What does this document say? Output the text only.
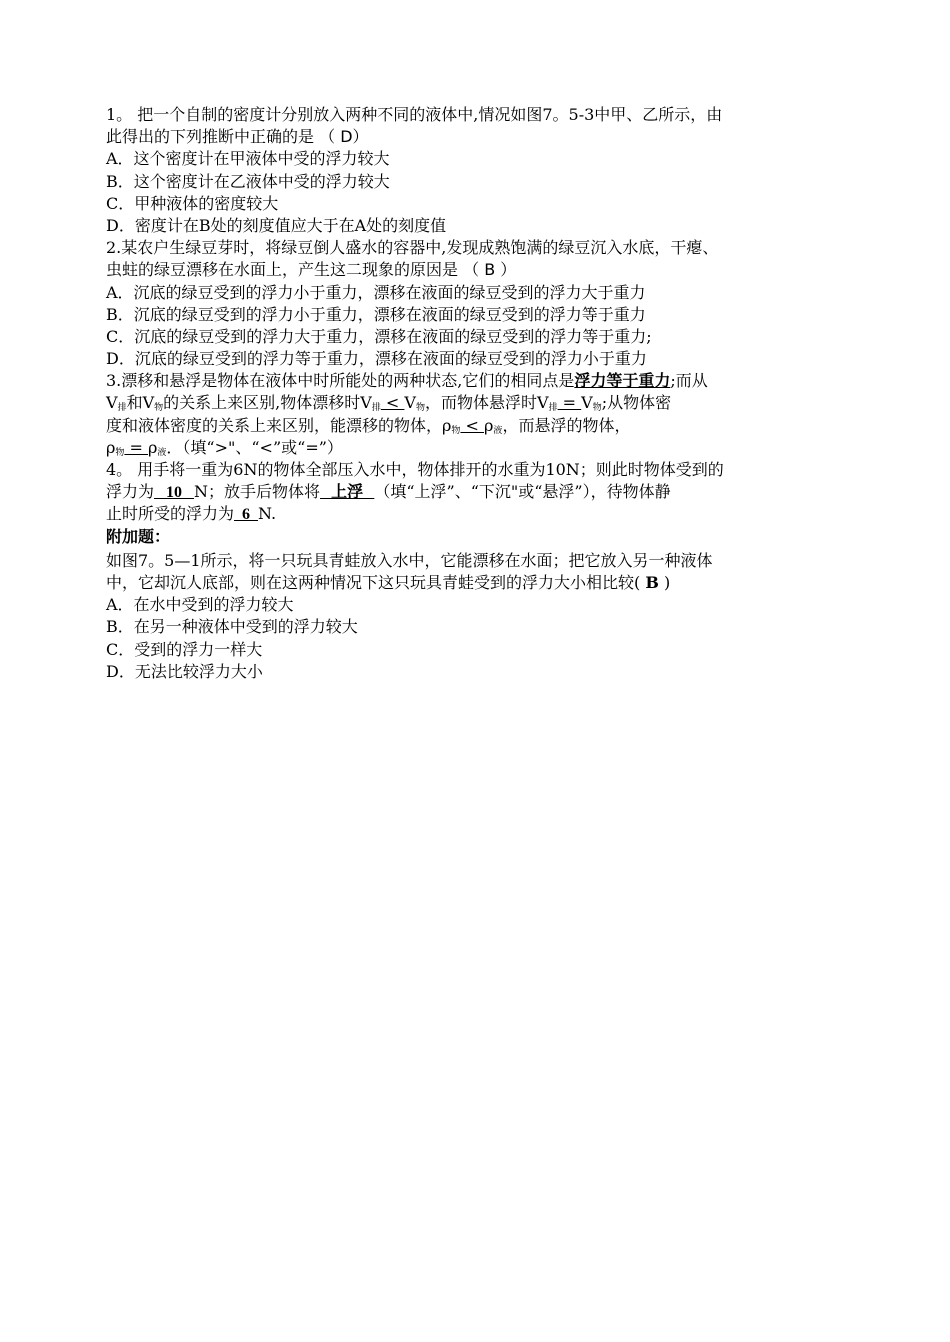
1。 把一个自制的密度计分别放入两种不同的液体中,情况如图7。5-3中甲、乙所示，由
此得出的下列推断中正确的是 （ D）
A．这个密度计在甲液体中受的浮力较大
B．这个密度计在乙液体中受的浮力较大
C．甲种液体的密度较大
D．密度计在B处的刻度值应大于在A处的刻度值
2.某农户生绿豆芽时，将绿豆倒人盛水的容器中,发现成熟饱满的绿豆沉入水底，干瘪、
虫蛀的绿豆漂移在水面上，产生这二现象的原因是 （ B ）
A．沉底的绿豆受到的浮力小于重力，漂移在液面的绿豆受到的浮力大于重力
B．沉底的绿豆受到的浮力小于重力，漂移在液面的绿豆受到的浮力等于重力
C．沉底的绿豆受到的浮力大于重力，漂移在液面的绿豆受到的浮力等于重力;
D．沉底的绿豆受到的浮力等于重力，漂移在液面的绿豆受到的浮力小于重力
3.漂移和悬浮是物体在液体中时所能处的两种状态,它们的相同点是浮力等于重力;而从
$V_排$和$V_物$的关系上来区别,物体漂移时$V_排 < V_物$，而物体悬浮时$V_排 = V_物$;从物体密
度和液体密度的关系上来区别，能漂移的物体，$\rho_物 < \rho_液$，而悬浮的物体，
$\rho_物 = \rho_液$．（填“>"、“<”或“=”）
4。 用手将一重为6N的物体全部压入水中，物体排开的水重为10N；则此时物体受到的
浮力为   10   N；放手后物体将  上浮  （填“上浮”、“下沉"或“悬浮”），待物体静
止时所受的浮力为  6  N.
附加题：
如图7。5—1所示，将一只玩具青蛙放入水中，它能漂移在水面；把它放入另一种液体
中，它却沉人底部，则在这两种情况下这只玩具青蛙受到的浮力大小相比较( B )
A．在水中受到的浮力较大
B．在另一种液体中受到的浮力较大
C．受到的浮力一样大
D．无法比较浮力大小
